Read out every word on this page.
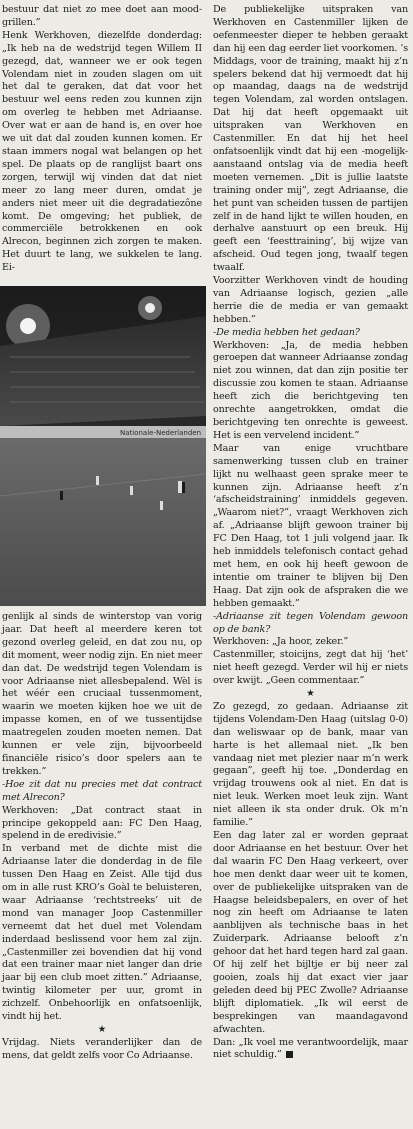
bestuur dat niet zo mee doet aan mood-grillen.”

Henk Werkhoven, diezelfde donderdag: „Ik heb na de wedstrijd tegen Willem II gezegd, dat, wanneer we er ook tegen Volendam niet in zouden slagen om uit het dal te geraken, dat dat voor het bestuur wel eens reden zou kunnen zijn om overleg te hebben met Adriaanse. Over wat er aan de hand is, en over hoe we uit dat dal zouden kunnen komen. Er staan immers nogal wat belangen op het spel. De plaats op de ranglijst baart ons zorgen, terwijl wij vinden dat dat niet meer zo lang meer duren, omdat je anders niet meer uit die degradatiezône komt. De omgeving; het publiek, de commerciële betrokkenen en ook Alrecon, beginnen zich zorgen te maken. Het duurt te lang, we sukkelen te lang. Ei-

Nationale-Nederlanden

genlijk al sinds de winterstop van vorig jaar. Dat heeft al meerdere keren tot gezond overleg geleid, en dat zou nu, op dit moment, weer nodig zijn. En niet meer dan dat. De wedstrijd tegen Volendam is voor Adriaanse niet allesbepalend. Wèl is het wéér een cruciaal tussenmoment, waarin we moeten kijken hoe we uit de impasse komen, en of we tussentijdse maatregelen zouden moeten nemen. Dat kunnen er vele zijn, bijvoorbeeld financiële risico’s door spelers aan te trekken.”

-Hoe zit dat nu precies met dat contract met Alrecon?

Werkhoven: „Dat contract staat in principe gekoppeld aan: FC Den Haag, spelend in de eredivisie.”

In verband met de dichte mist die Adriaanse later die donderdag in de file tussen Den Haag en Zeist. Alle tijd dus om in alle rust KRO’s Goàl te beluisteren, waar Adriaanse ‘rechtstreeks’ uit de mond van manager Joop Castenmiller verneemt dat het duel met Volendam inderdaad beslissend voor hem zal zijn. „Castenmiller zei bovendien dat hij vond dat een trainer maar niet langer dan drie jaar bij een club moet zitten.” Adriaanse, twintig kilometer per uur, gromt in zichzelf. Onbehoorlijk en onfatsoenlijk, vindt hij het.

★

Vrijdag. Niets veranderlijker dan de mens, dat geldt zelfs voor Co Adriaanse.

De publiekelijke uitspraken van Werkhoven en Castenmiller lijken de oefenmeester dieper te hebben geraakt dan hij een dag eerder liet voorkomen. ’s Middags, voor de training, maakt hij z’n spelers bekend dat hij vermoedt dat hij op maandag, daags na de wedstrijd tegen Volendam, zal worden ontslagen. Dat hij dat heeft opgemaakt uit uitspraken van Werkhoven en Castenmiller. En dat hij het heel onfatsoenlijk vindt dat hij een -mogelijk- aanstaand ontslag via de media heeft moeten vernemen. „Dit is jullie laatste training onder mij”, zegt Adriaanse, die het punt van scheiden tussen de partijen zelf in de hand lijkt te willen houden, en derhalve aanstuurt op een breuk. Hij geeft een ‘feesttraining’, bij wijze van afscheid. Oud tegen jong, twaalf tegen twaalf.

Voorzitter Werkhoven vindt de houding van Adriaanse logisch, gezien „alle herrie die de media er van gemaakt hebben.”

-De media hebben het gedaan?

Werkhoven: „Ja, de media hebben geroepen dat wanneer Adriaanse zondag niet zou winnen, dat dan zijn positie ter discussie zou komen te staan. Adriaanse heeft zich die berichtgeving ten onrechte aangetrokken, omdat die berichtgeving ten onrechte is geweest. Het is een vervelend incident.”

Maar van enige vruchtbare samenwerking tussen club en trainer lijkt nu welhaast geen sprake meer te kunnen zijn. Adriaanse heeft z’n ‘afscheidstraining’ inmiddels gegeven. „Waarom niet?”, vraagt Werkhoven zich af. „Adriaanse blijft gewoon trainer bij FC Den Haag, tot 1 juli volgend jaar. Ik heb inmiddels telefonisch contact gehad met hem, en ook hij heeft gewoon de intentie om trainer te blijven bij Den Haag. Dat zijn ook de afspraken die we hebben gemaakt.”

-Adriaanse zit tegen Volendam gewoon op de bank?

Werkhoven: „Ja hoor, zeker.”

Castenmiller, stoicijns, zegt dat hij ‘het’ niet heeft gezegd. Verder wil hij er niets over kwijt. „Geen commentaar.”

★

Zo gezegd, zo gedaan. Adriaanse zit tijdens Volendam-Den Haag (uitslag 0-0) dan weliswaar op de bank, maar van harte is het allemaal niet. „Ik ben vandaag niet met plezier naar m’n werk gegaan”, geeft hij toe. „Donderdag en vrijdag trouwens ook al niet. En dat is niet leuk. Werken moet leuk zijn. Want niet alleen ik sta onder druk. Ok m’n familie.”

Een dag later zal er worden gepraat door Adriaanse en het bestuur. Over het dal waarin FC Den Haag verkeert, over hoe men denkt daar weer uit te komen, over de publiekelijke uitspraken van de Haagse beleidsbepalers, en over of het nog zin heeft om Adriaanse te laten aanblijven als technische baas in het Zuiderpark. Adriaanse belooft z’n gehoor dat het hard tegen hard zal gaan. Of hij zelf het bijltje er bij neer zal gooien, zoals hij dat exact vier jaar geleden deed bij PEC Zwolle? Adriaanse blijft diplomatiek. „Ik wil eerst de besprekingen van maandagavond afwachten.

Dan: „Ik voel me verantwoordelijk, maar niet schuldig.”
